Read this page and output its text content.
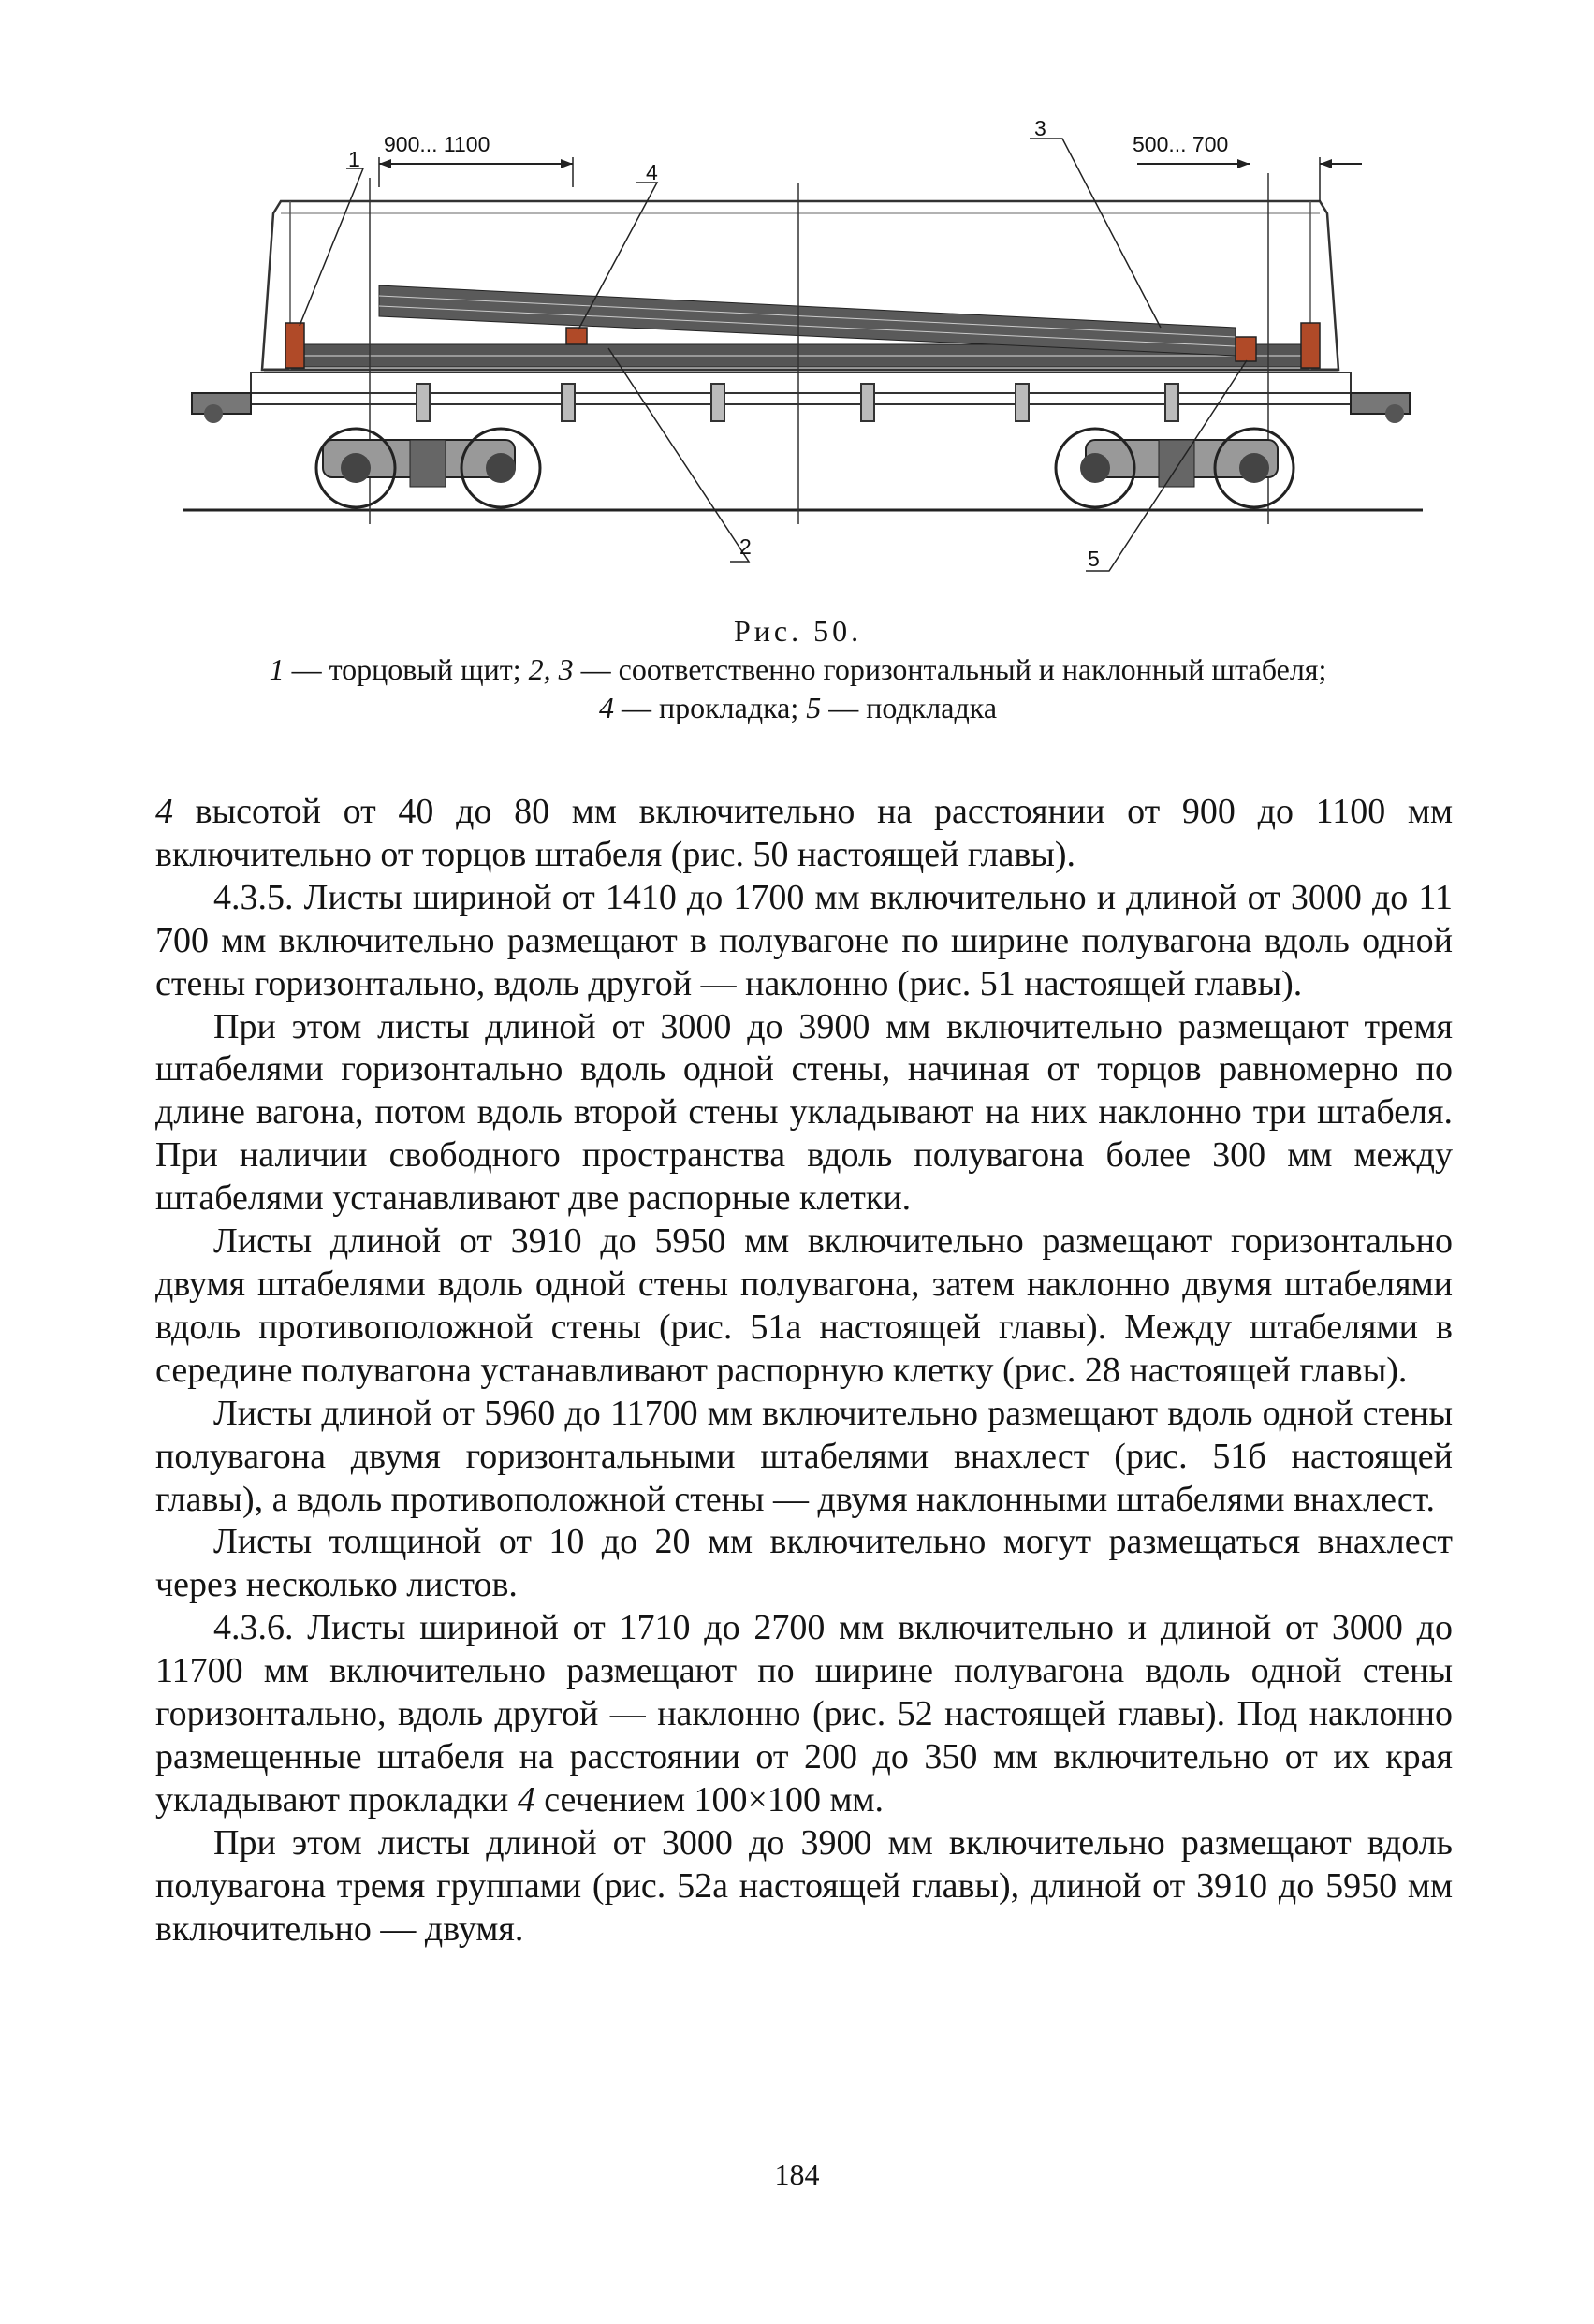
900... 1100	500... 700
1
2
3
4
5
Рис. 50.
1 — торцовый щит; 2, 3 — соответственно горизонтальный и наклонный штабеля;
4 — прокладка; 5 — подкладка

4 высотой от 40 до 80 мм включительно на расстоянии от 900 до 1100 мм включительно от торцов штабеля (рис. 50 настоящей главы).

4.3.5. Листы шириной от 1410 до 1700 мм включительно и длиной от 3000 до 11 700 мм включительно размещают в полувагоне по ширине полувагона вдоль одной стены горизонтально, вдоль другой — наклонно (рис. 51 настоящей главы).

При этом листы длиной от 3000 до 3900 мм включительно размещают тремя штабелями горизонтально вдоль одной стены, начиная от торцов равномерно по длине вагона, потом вдоль второй стены укладывают на них наклонно три штабеля. При наличии свободного пространства вдоль полувагона более 300 мм между штабелями устанавливают две распорные клетки.

Листы длиной от 3910 до 5950 мм включительно размещают горизонтально двумя штабелями вдоль одной стены полувагона, затем наклонно двумя штабелями вдоль противоположной стены (рис. 51а настоящей главы). Между штабелями в середине полувагона устанавливают распорную клетку (рис. 28 настоящей главы).

Листы длиной от 5960 до 11700 мм включительно размещают вдоль одной стены полувагона двумя горизонтальными штабелями внахлест (рис. 51б настоящей главы), а вдоль противоположной стены — двумя наклонными штабелями внахлест.

Листы толщиной от 10 до 20 мм включительно могут размещаться внахлест через несколько листов.

4.3.6. Листы шириной от 1710 до 2700 мм включительно и длиной от 3000 до 11700 мм включительно размещают по ширине полувагона вдоль одной стены горизонтально, вдоль другой — наклонно (рис. 52 настоящей главы). Под наклонно размещенные штабеля на расстоянии от 200 до 350 мм включительно от их края укладывают прокладки 4 сечением 100×100 мм.

При этом листы длиной от 3000 до 3900 мм включительно размещают вдоль полувагона тремя группами (рис. 52а настоящей главы), длиной от 3910 до 5950 мм включительно — двумя.

184
